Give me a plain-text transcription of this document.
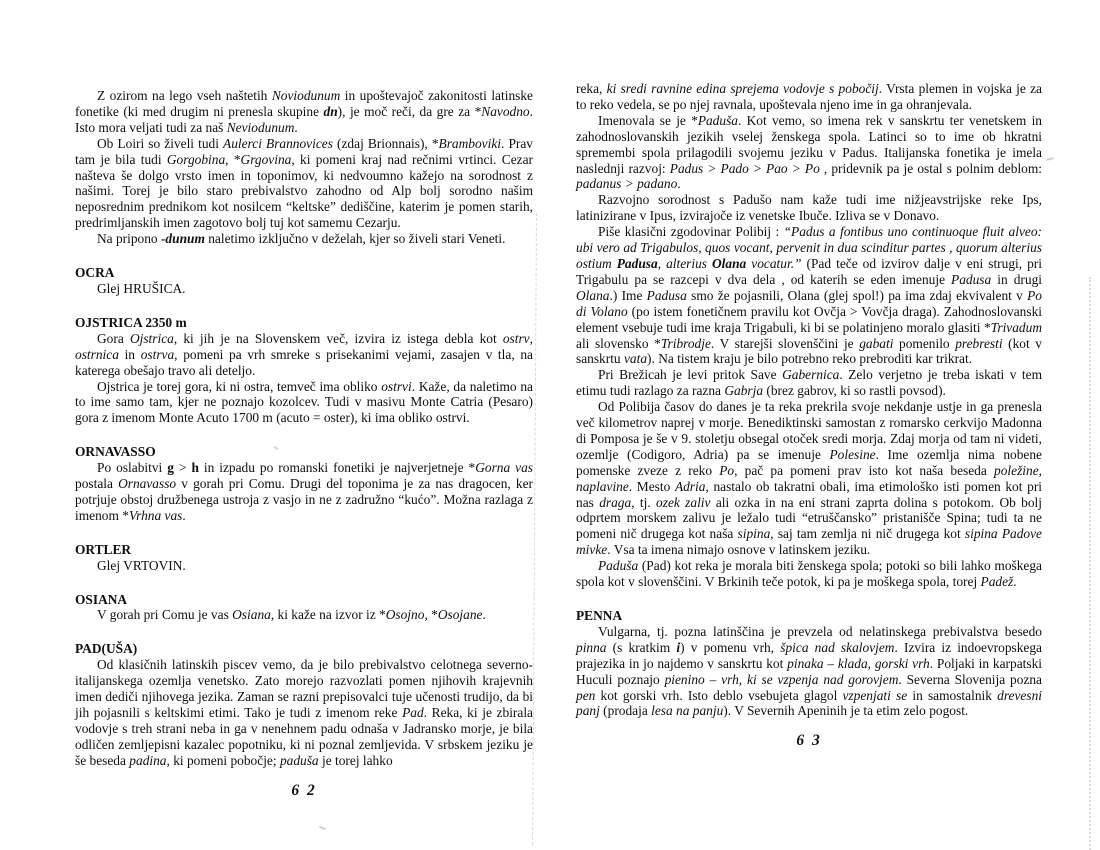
Z ozirom na lego vseh naštetih Noviodunum in upoštevajoč zakonitosti latinske fonetike (ki med drugim ni prenesla skupine dn), je moč reči, da gre za *Navodno. Isto mora veljati tudi za naš Neviodunum.
Ob Loiri so živeli tudi Aulerci Brannovices (zdaj Brionnais), *Bramboviki. Prav tam je bila tudi Gorgobina, *Grgovina, ki pomeni kraj nad rečnimi vrtinci. Cezar našteva še dolgo vrsto imen in toponimov, ki nedvoumno kažejo na sorodnost z našimi. Torej je bilo staro prebivalstvo zahodno od Alp bolj sorodno našim neposrednim prednikom kot nosilcem “keltske” dediščine, katerim je pomen starih, predrimljanskih imen zagotovo bolj tuj kot samemu Cezarju.
Na pripono -dunum naletimo izključno v deželah, kjer so živeli stari Veneti.
OCRA
Glej HRUŠICA.
OJSTRICA 2350 m
Gora Ojstrica, ki jih je na Slovenskem več, izvira iz istega debla kot ostrv, ostrnica in ostrva, pomeni pa vrh smreke s prisekanimi vejami, zasajen v tla, na katerega obešajo travo ali deteljo.
Ojstrica je torej gora, ki ni ostra, temveč ima obliko ostrvi. Kaže, da naletimo na to ime samo tam, kjer ne poznajo kozolcev. Tudi v masivu Monte Catria (Pesaro) gora z imenom Monte Acuto 1700 m (acuto = oster), ki ima obliko ostrvi.
ORNAVASSO
Po oslabitvi g > h in izpadu po romanski fonetiki je najverjetneje *Gorna vas postala Ornavasso v gorah pri Comu. Drugi del toponima je za nas dragocen, ker potrjuje obstoj družbenega ustroja z vasjo in ne z zadružno “kućo”. Možna razlaga z imenom *Vrhna vas.
ORTLER
Glej VRTOVIN.
OSIANA
V gorah pri Comu je vas Osiana, ki kaže na izvor iz *Osojno, *Osojane.
PAD(UŠA)
Od klasičnih latinskih piscev vemo, da je bilo prebivalstvo celotnega severno-italijanskega ozemlja venetsko. Zato morejo razvozlati pomen njihovih krajevnih imen dediči njihovega jezika. Zaman se razni prepisovalci tuje učenosti trudijo, da bi jih pojasnili s keltskimi etimi. Tako je tudi z imenom reke Pad. Reka, ki je zbirala vodovje s treh strani neba in ga v nenehnem padu odnaša v Jadransko morje, je bila odličen zemljepisni kazalec popotniku, ki ni poznal zemljevida. V srbskem jeziku je še beseda padina, ki pomeni pobočje; paduša je torej lahko
6 2
reka, ki sredi ravnine edina sprejema vodovje s pobočij. Vrsta plemen in vojska je za to reko vedela, se po njej ravnala, upoštevala njeno ime in ga ohranjevala.
Imenovala se je *Paduša. Kot vemo, so imena rek v sanskrtu ter venetskem in zahodnoslovanskih jezikih vselej ženskega spola. Latinci so to ime ob hkratni spremembi spola prilagodili svojemu jeziku v Padus. Italijanska fonetika je imela naslednji razvoj: Padus > Pado > Pao > Po , pridevnik pa je ostal s polnim deblom: padanus > padano.
Razvojno sorodnost s Padušo nam kaže tudi ime nižjeavstrijske reke Ips, latinizirane v Ipus, izvirajoče iz venetske Ibuče. Izliva se v Donavo.
Piše klasični zgodovinar Polibij : “Padus a fontibus uno continuoque fluit alveo: ubi vero ad Trigabulos, quos vocant, pervenit in dua scinditur partes , quorum alterius ostium Padusa, alterius Olana vocatur.” (Pad teče od izvirov dalje v eni strugi, pri Trigabulu pa se razcepi v dva dela , od katerih se eden imenuje Padusa in drugi Olana.) Ime Padusa smo že pojasnili, Olana (glej spol!) pa ima zdaj ekvivalent v Po di Volano (po istem fonetičnem pravilu kot Ovčja > Vovčja draga). Zahodnoslovanski element vsebuje tudi ime kraja Trigabuli, ki bi se polatinjeno moralo glasiti *Trivadum ali slovensko *Tribrodje. V starejši slovenščini je gabati pomenilo prebresti (kot v sanskrtu vata). Na tistem kraju je bilo potrebno reko prebroditi kar trikrat.
Pri Brežicah je levi pritok Save Gabernica. Zelo verjetno je treba iskati v tem etimu tudi razlago za razna Gabrja (brez gabrov, ki so rastli povsod).
Od Polibija časov do danes je ta reka prekrila svoje nekdanje ustje in ga prenesla več kilometrov naprej v morje. Benediktinski samostan z romarsko cerkvijo Madonna di Pomposa je še v 9. stoletju obsegal otoček sredi morja. Zdaj morja od tam ni videti, ozemlje (Codigoro, Adria) pa se imenuje Polesine. Ime ozemlja nima nobene pomenske zveze z reko Po, pač pa pomeni prav isto kot naša beseda poležine, naplavine. Mesto Adria, nastalo ob takratni obali, ima etimološko isti pomen kot pri nas draga, tj. ozek zaliv ali ozka in na eni strani zaprta dolina s potokom. Ob bolj odprtem morskem zalivu je ležalo tudi “etruščansko” pristanišče Spina; tudi ta ne pomeni nič drugega kot naša sipina, saj tam zemlja ni nič drugega kot sipina Padove mivke. Vsa ta imena nimajo osnove v latinskem jeziku.
Paduša (Pad) kot reka je morala biti ženskega spola; potoki so bili lahko moškega spola kot v slovenščini. V Brkinih teče potok, ki pa je moškega spola, torej Padež.
PENNA
Vulgarna, tj. pozna latinščina je prevzela od nelatinskega prebivalstva besedo pinna (s kratkim i) v pomenu vrh, špica nad skalovjem. Izvira iz indoevropskega prajezika in jo najdemo v sanskrtu kot pinaka – klada, gorski vrh. Poljaki in karpatski Huculi poznajo pienino – vrh, ki se vzpenja nad gorovjem. Severna Slovenija pozna pen kot gorski vrh. Isto deblo vsebujeta glagol vzpenjati se in samostalnik drevesni panj (prodaja lesa na panju). V Severnih Apeninih je ta etim zelo pogost.
6 3
